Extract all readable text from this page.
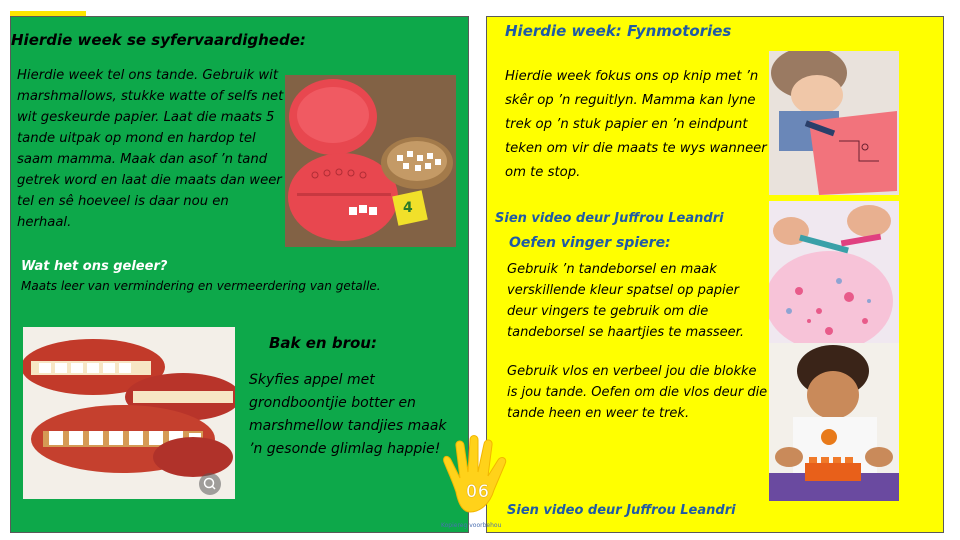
Hierdie week se syfervaardighede:
Hierdie week tel ons tande. Gebruik wit marshmallows, stukke watte of selfs net wit geskeurde papier. Laat die maats 5 tande uitpak op mond en hardop tel saam mamma. Maak dan asof ’n tand getrek word en laat die maats dan weer tel en sê hoeveel is daar nou en herhaal.
4
Wat het ons geleer?
Maats leer van vermindering en vermeerdering van getalle.
Bak en brou:
Skyfies appel met grondboontjie botter en marshmellow tandjies maak ’n gesonde glimlag happie!
Hierdie week: Fynmotories
Hierdie week fokus ons op knip met ’n skêr op ’n reguitlyn. Mamma kan lyne trek op ’n stuk papier en ’n eindpunt teken om vir die maats te wys wanneer om te stop.
Sien video deur Juffrou Leandri
Oefen vinger spiere:
Gebruik ’n tandeborsel en maak verskillende kleur spatsel op papier deur vingers te gebruik om die tandeborsel se haartjies te masseer.
Gebruik vlos en verbeel jou die blokke is jou tande. Oefen om die vlos deur die tande heen en weer te trek.
Sien video deur Juffrou Leandri
06
Kopiereg voorbehou
